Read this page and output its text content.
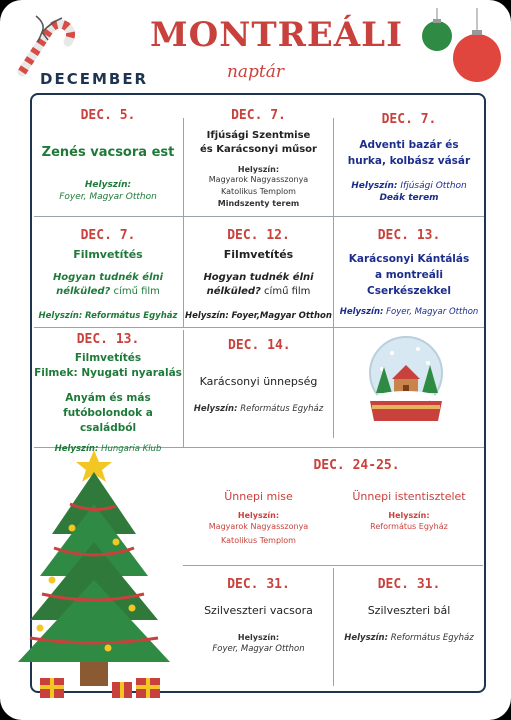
MONTREÁLI
naptár
DECEMBER
DEC. 5.
Zenés vacsora est
Helyszín:
Foyer, Magyar Otthon
DEC. 7.
Ifjúsági Szentmise
és Karácsonyi műsor
Helyszín:
Magyarok Nagyasszonya
Katolikus Templom
Mindszenty terem
DEC. 7.
Adventi bazár és
hurka, kolbász vásár
Helyszín: Ifjúsági Otthon
Deák terem
DEC. 7.
Filmvetítés
Hogyan tudnék élni
nélküled? című film
Helyszín: Református Egyház
DEC. 12.
Filmvetítés
Hogyan tudnék élni
nélküled? című film
Helyszín: Foyer,Magyar Otthon
DEC. 13.
Karácsonyi Kántálás
a montreáli
Cserkészekkel
Helyszín: Foyer, Magyar Otthon
DEC. 13.
Filmvetítés
Filmek: Nyugati nyaralás
Anyám és más
futóbolondok a családból
Helyszín: Hungaria Klub
DEC. 14.
Karácsonyi ünnepség
Helyszín: Református Egyház
DEC. 24-25.
Ünnepi mise
Helyszín:
Magyarok Nagyasszonya
Katolikus Templom
Ünnepi istentisztelet
Helyszín:
Református Egyház
DEC. 31.
Szilveszteri vacsora
Helyszín:
Foyer, Magyar Otthon
DEC. 31.
Szilveszteri bál
Helyszín: Református Egyház
